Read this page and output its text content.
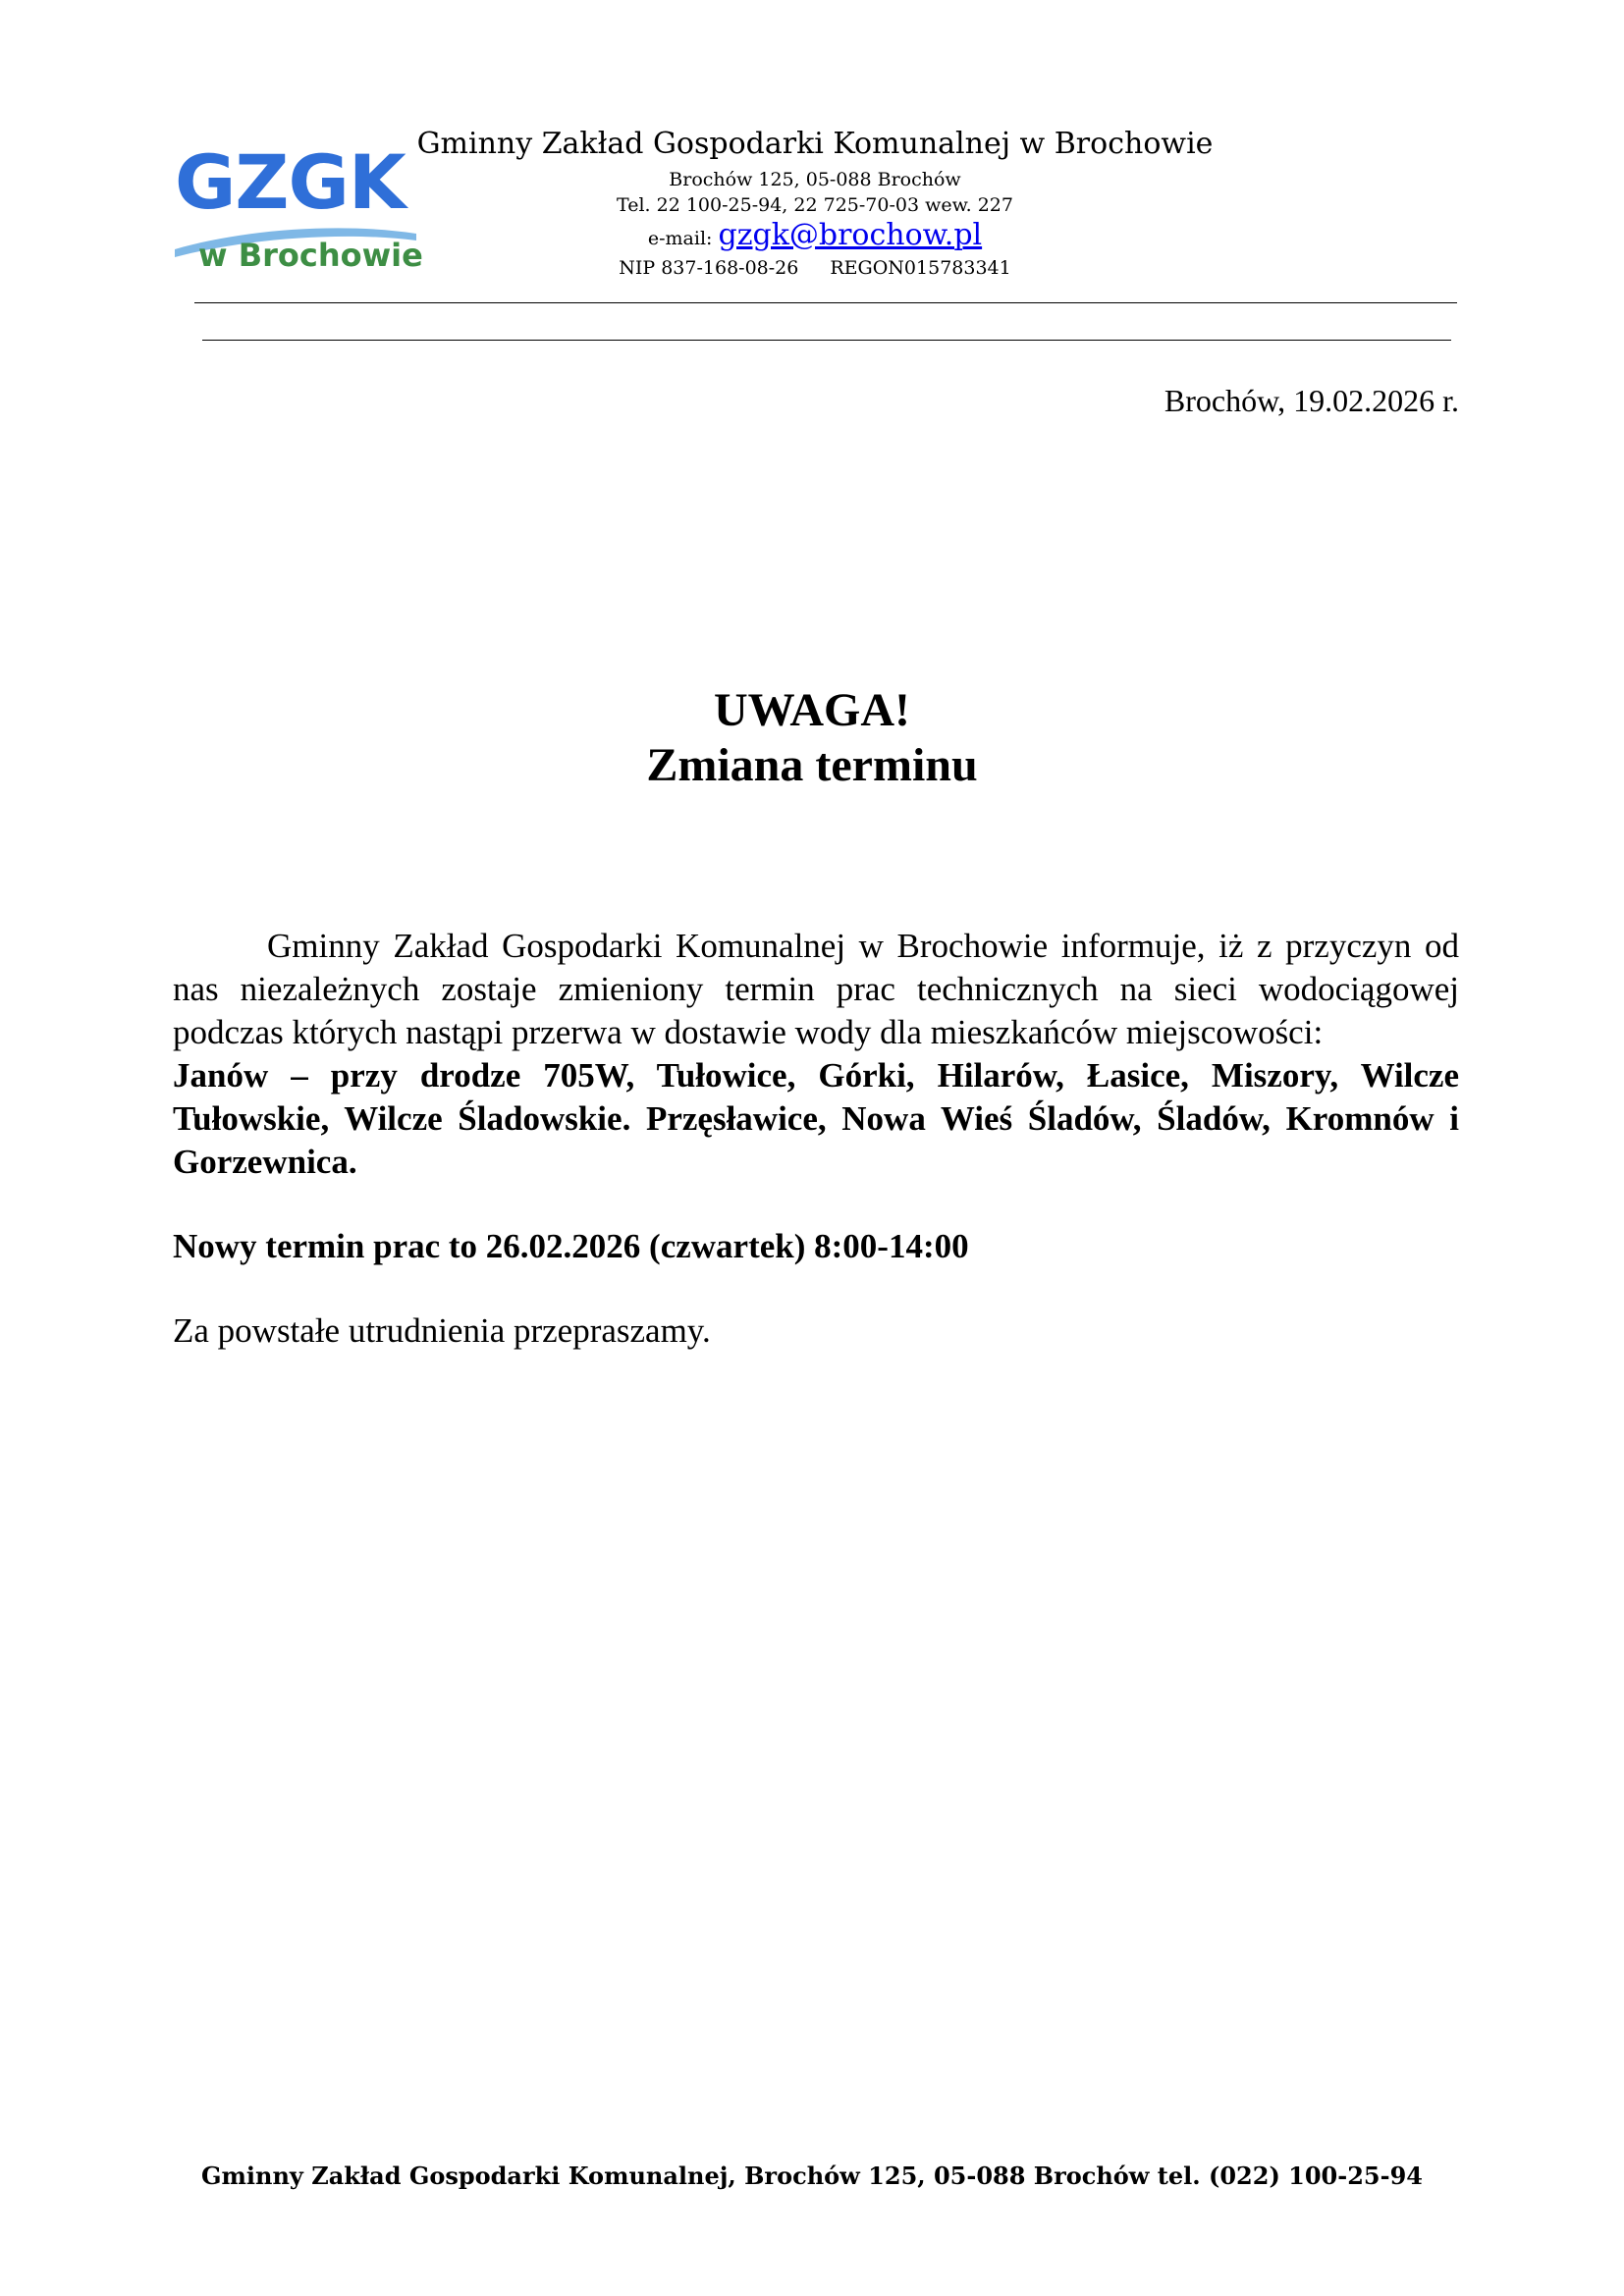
GZGK
w Brochowie
Gminny Zakład Gospodarki Komunalnej w Brochowie
Brochów 125, 05-088 Brochów
Tel. 22 100-25-94, 22 725-70-03 wew. 227
e-mail: gzgk@brochow.pl
NIP 837-168-08-26 REGON015783341
Brochów, 19.02.2026 r.
UWAGA!
Zmiana terminu

Gminny Zakład Gospodarki Komunalnej w Brochowie informuje, iż z przyczyn od nas niezależnych zostaje zmieniony termin prac technicznych na sieci wodociągowej podczas których nastąpi przerwa w dostawie wody dla mieszkańców miejscowości:

Janów – przy drodze 705W, Tułowice, Górki, Hilarów, Łasice, Miszory, Wilcze Tułowskie, Wilcze Śladowskie. Przęsławice, Nowa Wieś Śladów, Śladów, Kromnów i Gorzewnica.

Nowy termin prac to 26.02.2026 (czwartek) 8:00-14:00

Za powstałe utrudnienia przepraszamy.

Gminny Zakład Gospodarki Komunalnej, Brochów 125, 05-088 Brochów tel. (022) 100-25-94
